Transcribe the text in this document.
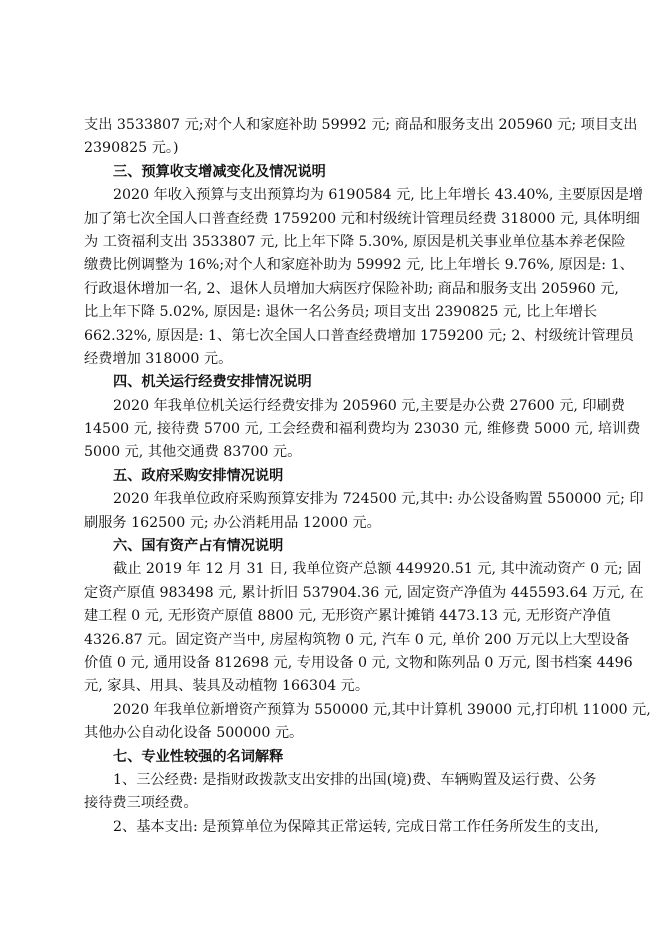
支出 3533807 元;对个人和家庭补助 59992 元; 商品和服务支出 205960 元; 项目支出
2390825 元。)
三、预算收支增减变化及情况说明
2020 年收入预算与支出预算均为 6190584 元, 比上年增长 43.40%, 主要原因是增
加了第七次全国人口普查经费 1759200 元和村级统计管理员经费 318000 元, 具体明细
为 工资福利支出 3533807 元, 比上年下降 5.30%, 原因是机关事业单位基本养老保险
缴费比例调整为 16%;对个人和家庭补助为 59992 元, 比上年增长 9.76%, 原因是: 1、
行政退休增加一名, 2、退休人员增加大病医疗保险补助; 商品和服务支出 205960 元,
比上年下降 5.02%, 原因是: 退休一名公务员; 项目支出 2390825 元, 比上年增长
662.32%, 原因是: 1、第七次全国人口普查经费增加 1759200 元; 2、村级统计管理员
经费增加 318000 元。
四、机关运行经费安排情况说明
2020 年我单位机关运行经费安排为 205960 元,主要是办公费 27600 元, 印刷费
14500 元, 接待费 5700 元, 工会经费和福利费均为 23030 元, 维修费 5000 元, 培训费
5000 元, 其他交通费 83700 元。
五、政府采购安排情况说明
2020 年我单位政府采购预算安排为 724500 元,其中: 办公设备购置 550000 元; 印
刷服务 162500 元; 办公消耗用品 12000 元。
六、国有资产占有情况说明
截止 2019 年 12 月 31 日, 我单位资产总额 449920.51 元, 其中流动资产 0 元; 固
定资产原值 983498 元, 累计折旧 537904.36 元, 固定资产净值为 445593.64 万元, 在
建工程 0 元, 无形资产原值 8800 元, 无形资产累计摊销 4473.13 元, 无形资产净值
4326.87 元。固定资产当中, 房屋构筑物 0 元, 汽车 0 元, 单价 200 万元以上大型设备
价值 0 元, 通用设备 812698 元, 专用设备 0 元, 文物和陈列品 0 万元, 图书档案 4496
元, 家具、用具、装具及动植物 166304 元。
2020 年我单位新增资产预算为 550000 元,其中计算机 39000 元,打印机 11000 元,
其他办公自动化设备 500000 元。
七、专业性较强的名词解释
1、三公经费: 是指财政拨款支出安排的出国(境)费、车辆购置及运行费、公务
接待费三项经费。
2、基本支出: 是预算单位为保障其正常运转, 完成日常工作任务所发生的支出,
